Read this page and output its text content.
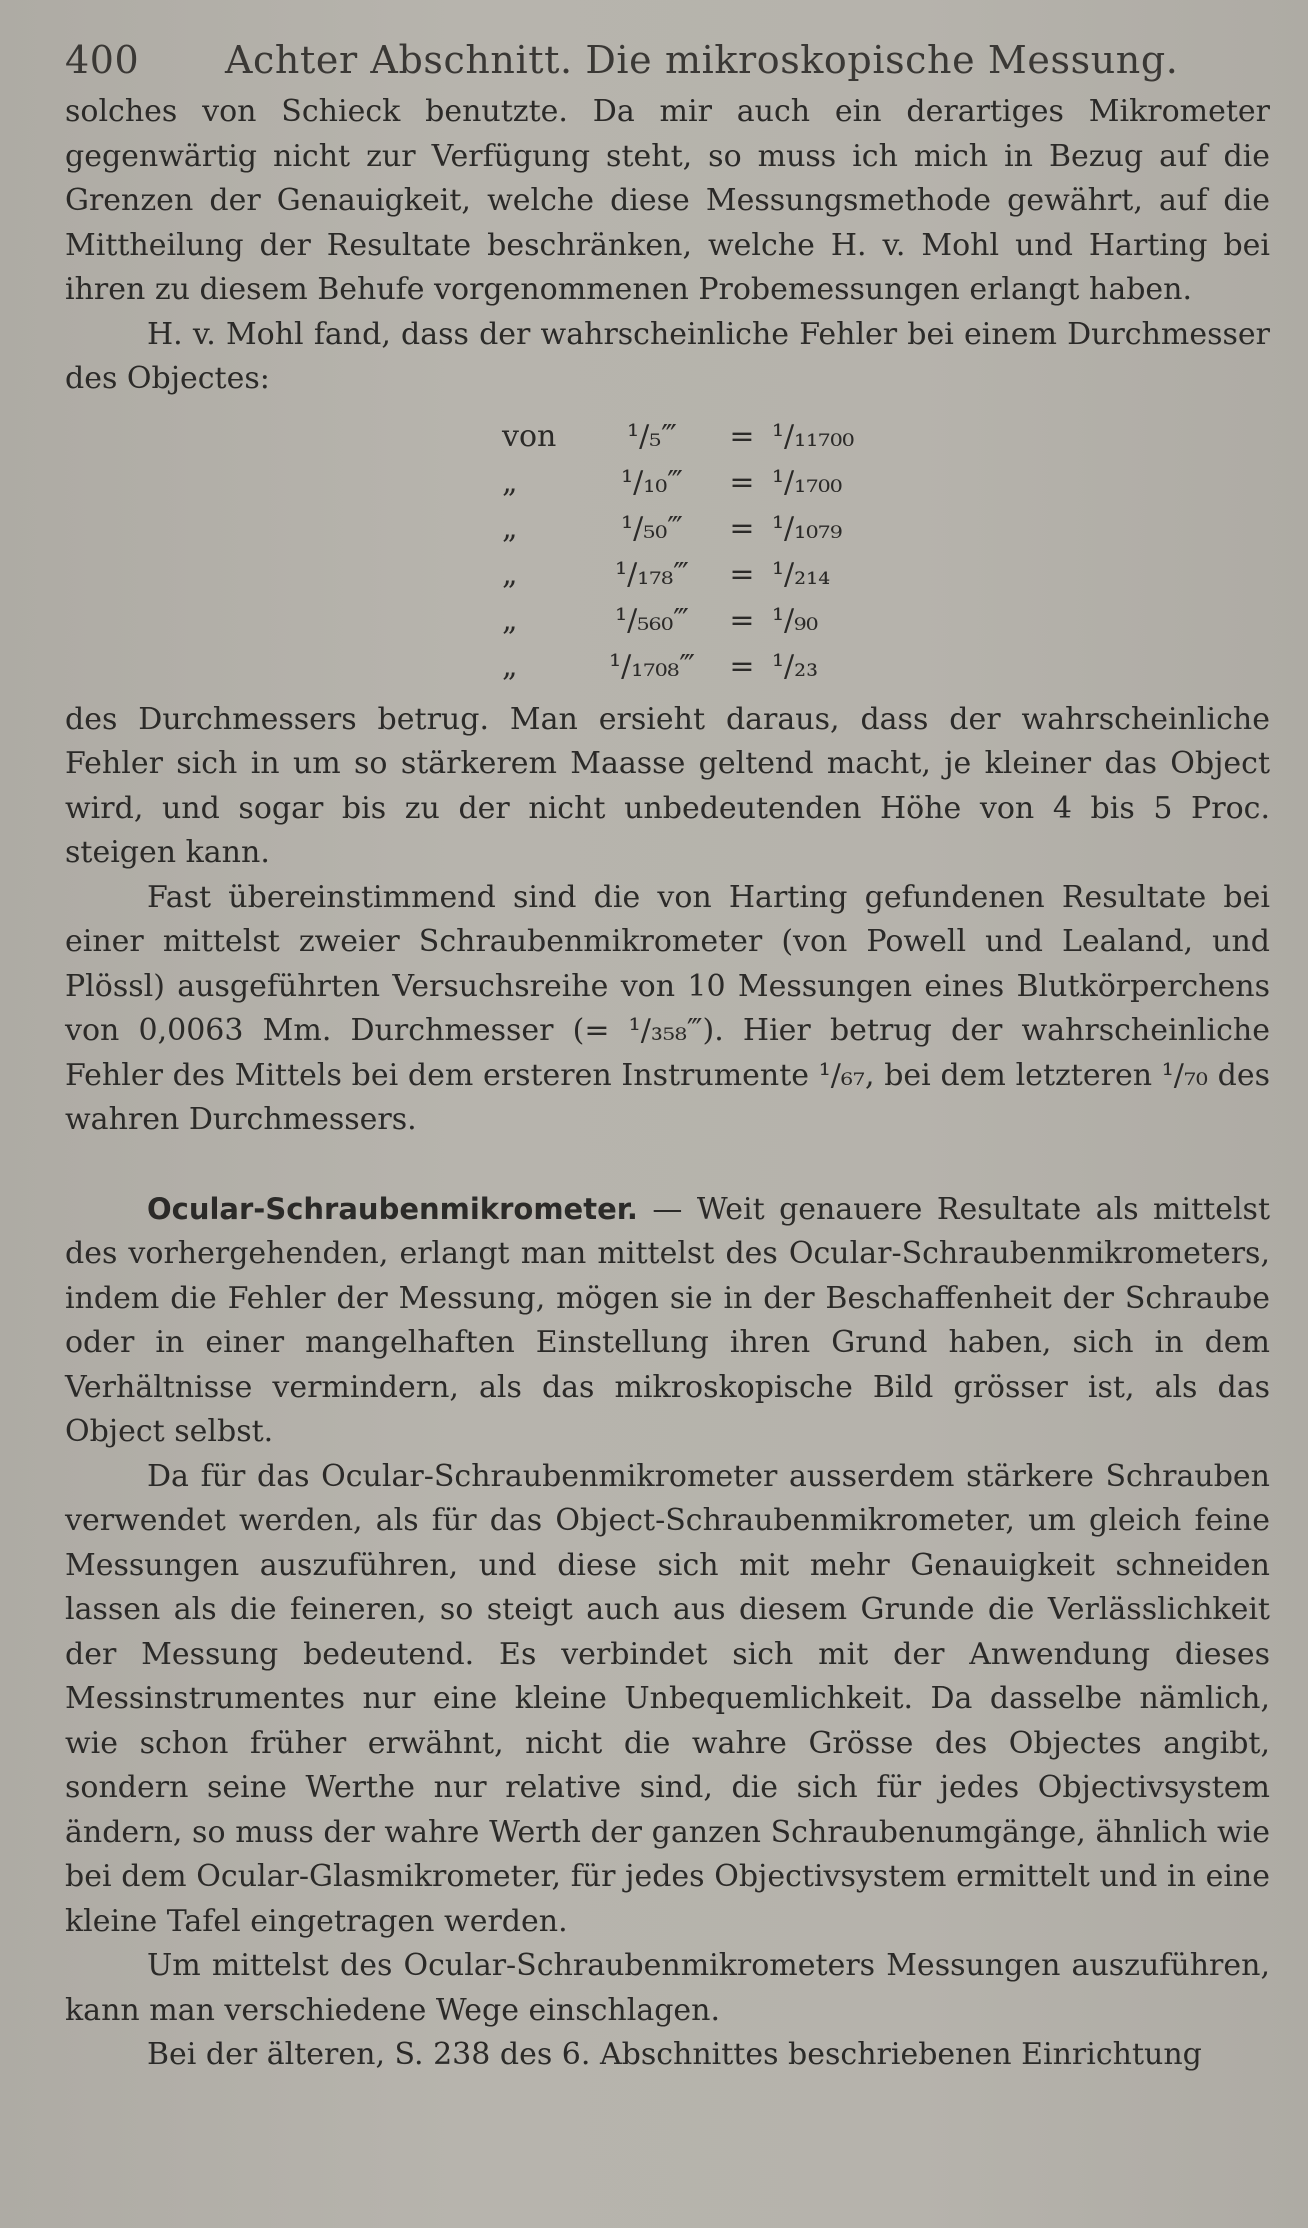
400	Achter Abschnitt. Die mikroskopische Messung.

solches von Schieck benutzte. Da mir auch ein derartiges Mikrometer gegenwärtig nicht zur Verfügung steht, so muss ich mich in Bezug auf die Grenzen der Genauigkeit, welche diese Messungsmethode gewährt, auf die Mittheilung der Resultate beschränken, welche H. v. Mohl und Harting bei ihren zu diesem Behufe vorgenommenen Probemessungen erlangt haben.

H. v. Mohl fand, dass der wahrscheinliche Fehler bei einem Durchmesser des Objectes:

von	¹/₅‴	= ¹/₁₁₇₀₀
„	¹/₁₀‴	= ¹/₁₇₀₀
„	¹/₅₀‴	= ¹/₁₀₇₉
„	¹/₁₇₈‴	= ¹/₂₁₄
„	¹/₅₆₀‴	= ¹/₉₀
„	¹/₁₇₀₈‴	= ¹/₂₃

des Durchmessers betrug. Man ersieht daraus, dass der wahrscheinliche Fehler sich in um so stärkerem Maasse geltend macht, je kleiner das Object wird, und sogar bis zu der nicht unbedeutenden Höhe von 4 bis 5 Proc. steigen kann.

Fast übereinstimmend sind die von Harting gefundenen Resultate bei einer mittelst zweier Schraubenmikrometer (von Powell und Lealand, und Plössl) ausgeführten Versuchsreihe von 10 Messungen eines Blutkörperchens von 0,0063 Mm. Durchmesser (= ¹/₃₅₈‴). Hier betrug der wahrscheinliche Fehler des Mittels bei dem ersteren Instrumente ¹/₆₇, bei dem letzteren ¹/₇₀ des wahren Durchmessers.

Ocular-Schraubenmikrometer. — Weit genauere Resultate als mittelst des vorhergehenden, erlangt man mittelst des Ocular-Schraubenmikrometers, indem die Fehler der Messung, mögen sie in der Beschaffenheit der Schraube oder in einer mangelhaften Einstellung ihren Grund haben, sich in dem Verhältnisse vermindern, als das mikroskopische Bild grösser ist, als das Object selbst.

Da für das Ocular-Schraubenmikrometer ausserdem stärkere Schrauben verwendet werden, als für das Object-Schraubenmikrometer, um gleich feine Messungen auszuführen, und diese sich mit mehr Genauigkeit schneiden lassen als die feineren, so steigt auch aus diesem Grunde die Verlässlichkeit der Messung bedeutend. Es verbindet sich mit der Anwendung dieses Messinstrumentes nur eine kleine Unbequemlichkeit. Da dasselbe nämlich, wie schon früher erwähnt, nicht die wahre Grösse des Objectes angibt, sondern seine Werthe nur relative sind, die sich für jedes Objectivsystem ändern, so muss der wahre Werth der ganzen Schraubenumgänge, ähnlich wie bei dem Ocular-Glasmikrometer, für jedes Objectivsystem ermittelt und in eine kleine Tafel eingetragen werden.

Um mittelst des Ocular-Schraubenmikrometers Messungen auszuführen, kann man verschiedene Wege einschlagen.

Bei der älteren, S. 238 des 6. Abschnittes beschriebenen Einrichtung
